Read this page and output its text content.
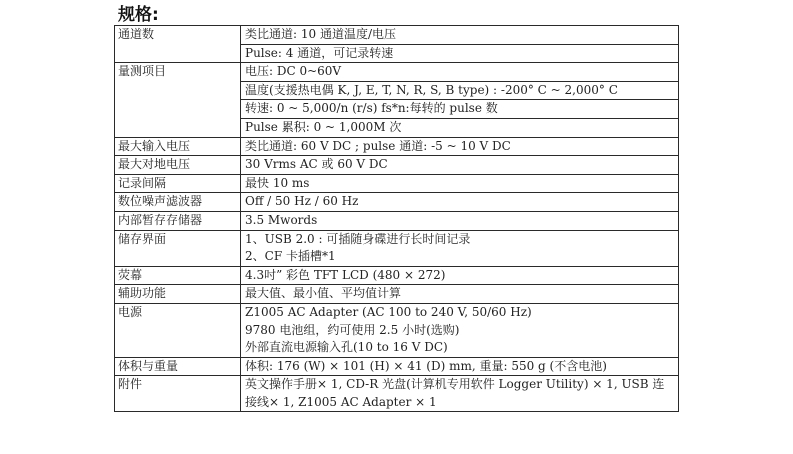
规格:
通道数	类比通道: 10 通道温度/电压

	Pulse: 4 通道，可记录转速

量测项目	电压: DC 0~60V

	温度(支援热电偶 K, J, E, T, N, R, S, B type) : -200° C ~ 2,000° C

	转速: 0 ~ 5,000/n (r/s) fs*n:每转的 pulse 数

	Pulse 累积: 0 ~ 1,000M 次

最大输入电压	类比通道: 60 V DC ; pulse 通道: -5 ~ 10 V DC

最大对地电压	30 Vrms AC 或 60 V DC

记录间隔	最快 10 ms

数位噪声滤波器	Off / 50 Hz / 60 Hz

内部暂存存储器	3.5 Mwords

储存界面	1、USB 2.0 : 可插随身碟进行长时间记录
2、CF 卡插槽*1

荧幕	4.3吋” 彩色 TFT LCD (480 × 272)

辅助功能	最大值、最小值、平均值计算

电源	Z1005 AC Adapter (AC 100 to 240 V, 50/60 Hz)
9780 电池组，约可使用 2.5 小时(选购)
外部直流电源输入孔(10 to 16 V DC)

体积与重量	体积: 176 (W) × 101 (H) × 41 (D) mm, 重量: 550 g (不含电池)

附件	英文操作手册× 1, CD-R 光盘(计算机专用软件 Logger Utility) × 1, USB 连接线× 1, Z1005 AC Adapter × 1
